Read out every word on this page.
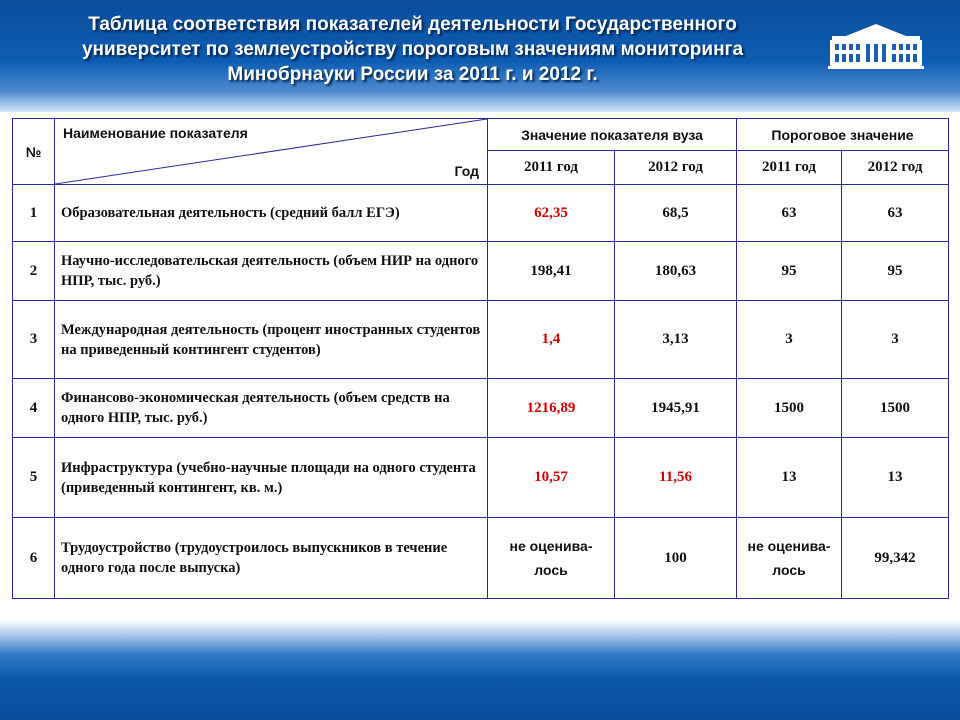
Таблица соответствия показателей деятельности Государственного
университет по землеустройству пороговым значениям мониторинга
Минобрнауки России за 2011 г. и 2012 г.
№	Наименование показателя
Год	Значение показателя вуза		Пороговое значение	
		2011 год	2012 год	2011 год	2012 год
1	Образовательная деятельность (средний балл ЕГЭ)	62,35	68,5	63	63
2	Научно-исследовательская деятельность (объем НИР на одного НПР, тыс. руб.)	198,41	180,63	95	95
3	Международная деятельность (процент иностранных студентов на приведенный контингент студентов)	1,4	3,13	3	3
4	Финансово-экономическая деятельность (объем средств на одного НПР, тыс. руб.)	1216,89	1945,91	1500	1500
5	Инфраструктура (учебно-научные площади на одного студента (приведенный контингент, кв. м.)	10,57	11,56	13	13
6	Трудоустройство (трудоустроилось выпускников в течение одного года после выпуска)	не оценива-лось	100	не оценива-лось	99,342
